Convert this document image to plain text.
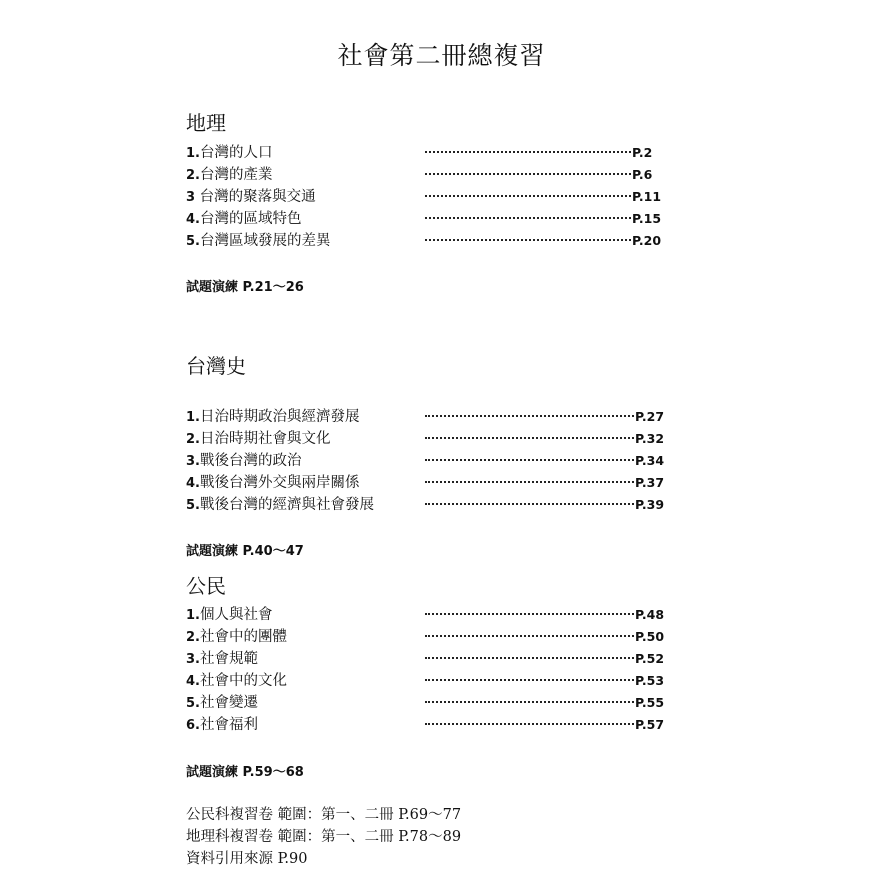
社會第二冊總複習
地理
1.台灣的人口	P.2
2.台灣的產業	P.6
3 台灣的聚落與交通	P.11
4.台灣的區域特色	P.15
5.台灣區域發展的差異	P.20
試題演練 P.21～26
台灣史
1.日治時期政治與經濟發展	P.27
2.日治時期社會與文化	P.32
3.戰後台灣的政治	P.34
4.戰後台灣外交與兩岸關係	P.37
5.戰後台灣的經濟與社會發展	P.39
試題演練 P.40～47
公民
1.個人與社會	P.48
2.社會中的團體	P.50
3.社會規範	P.52
4.社會中的文化	P.53
5.社會變遷	P.55
6.社會福利	P.57
試題演練 P.59～68
公民科複習卷 範圍：第一、二冊 P.69～77
地理科複習卷 範圍：第一、二冊 P.78～89
資料引用來源 P.90
